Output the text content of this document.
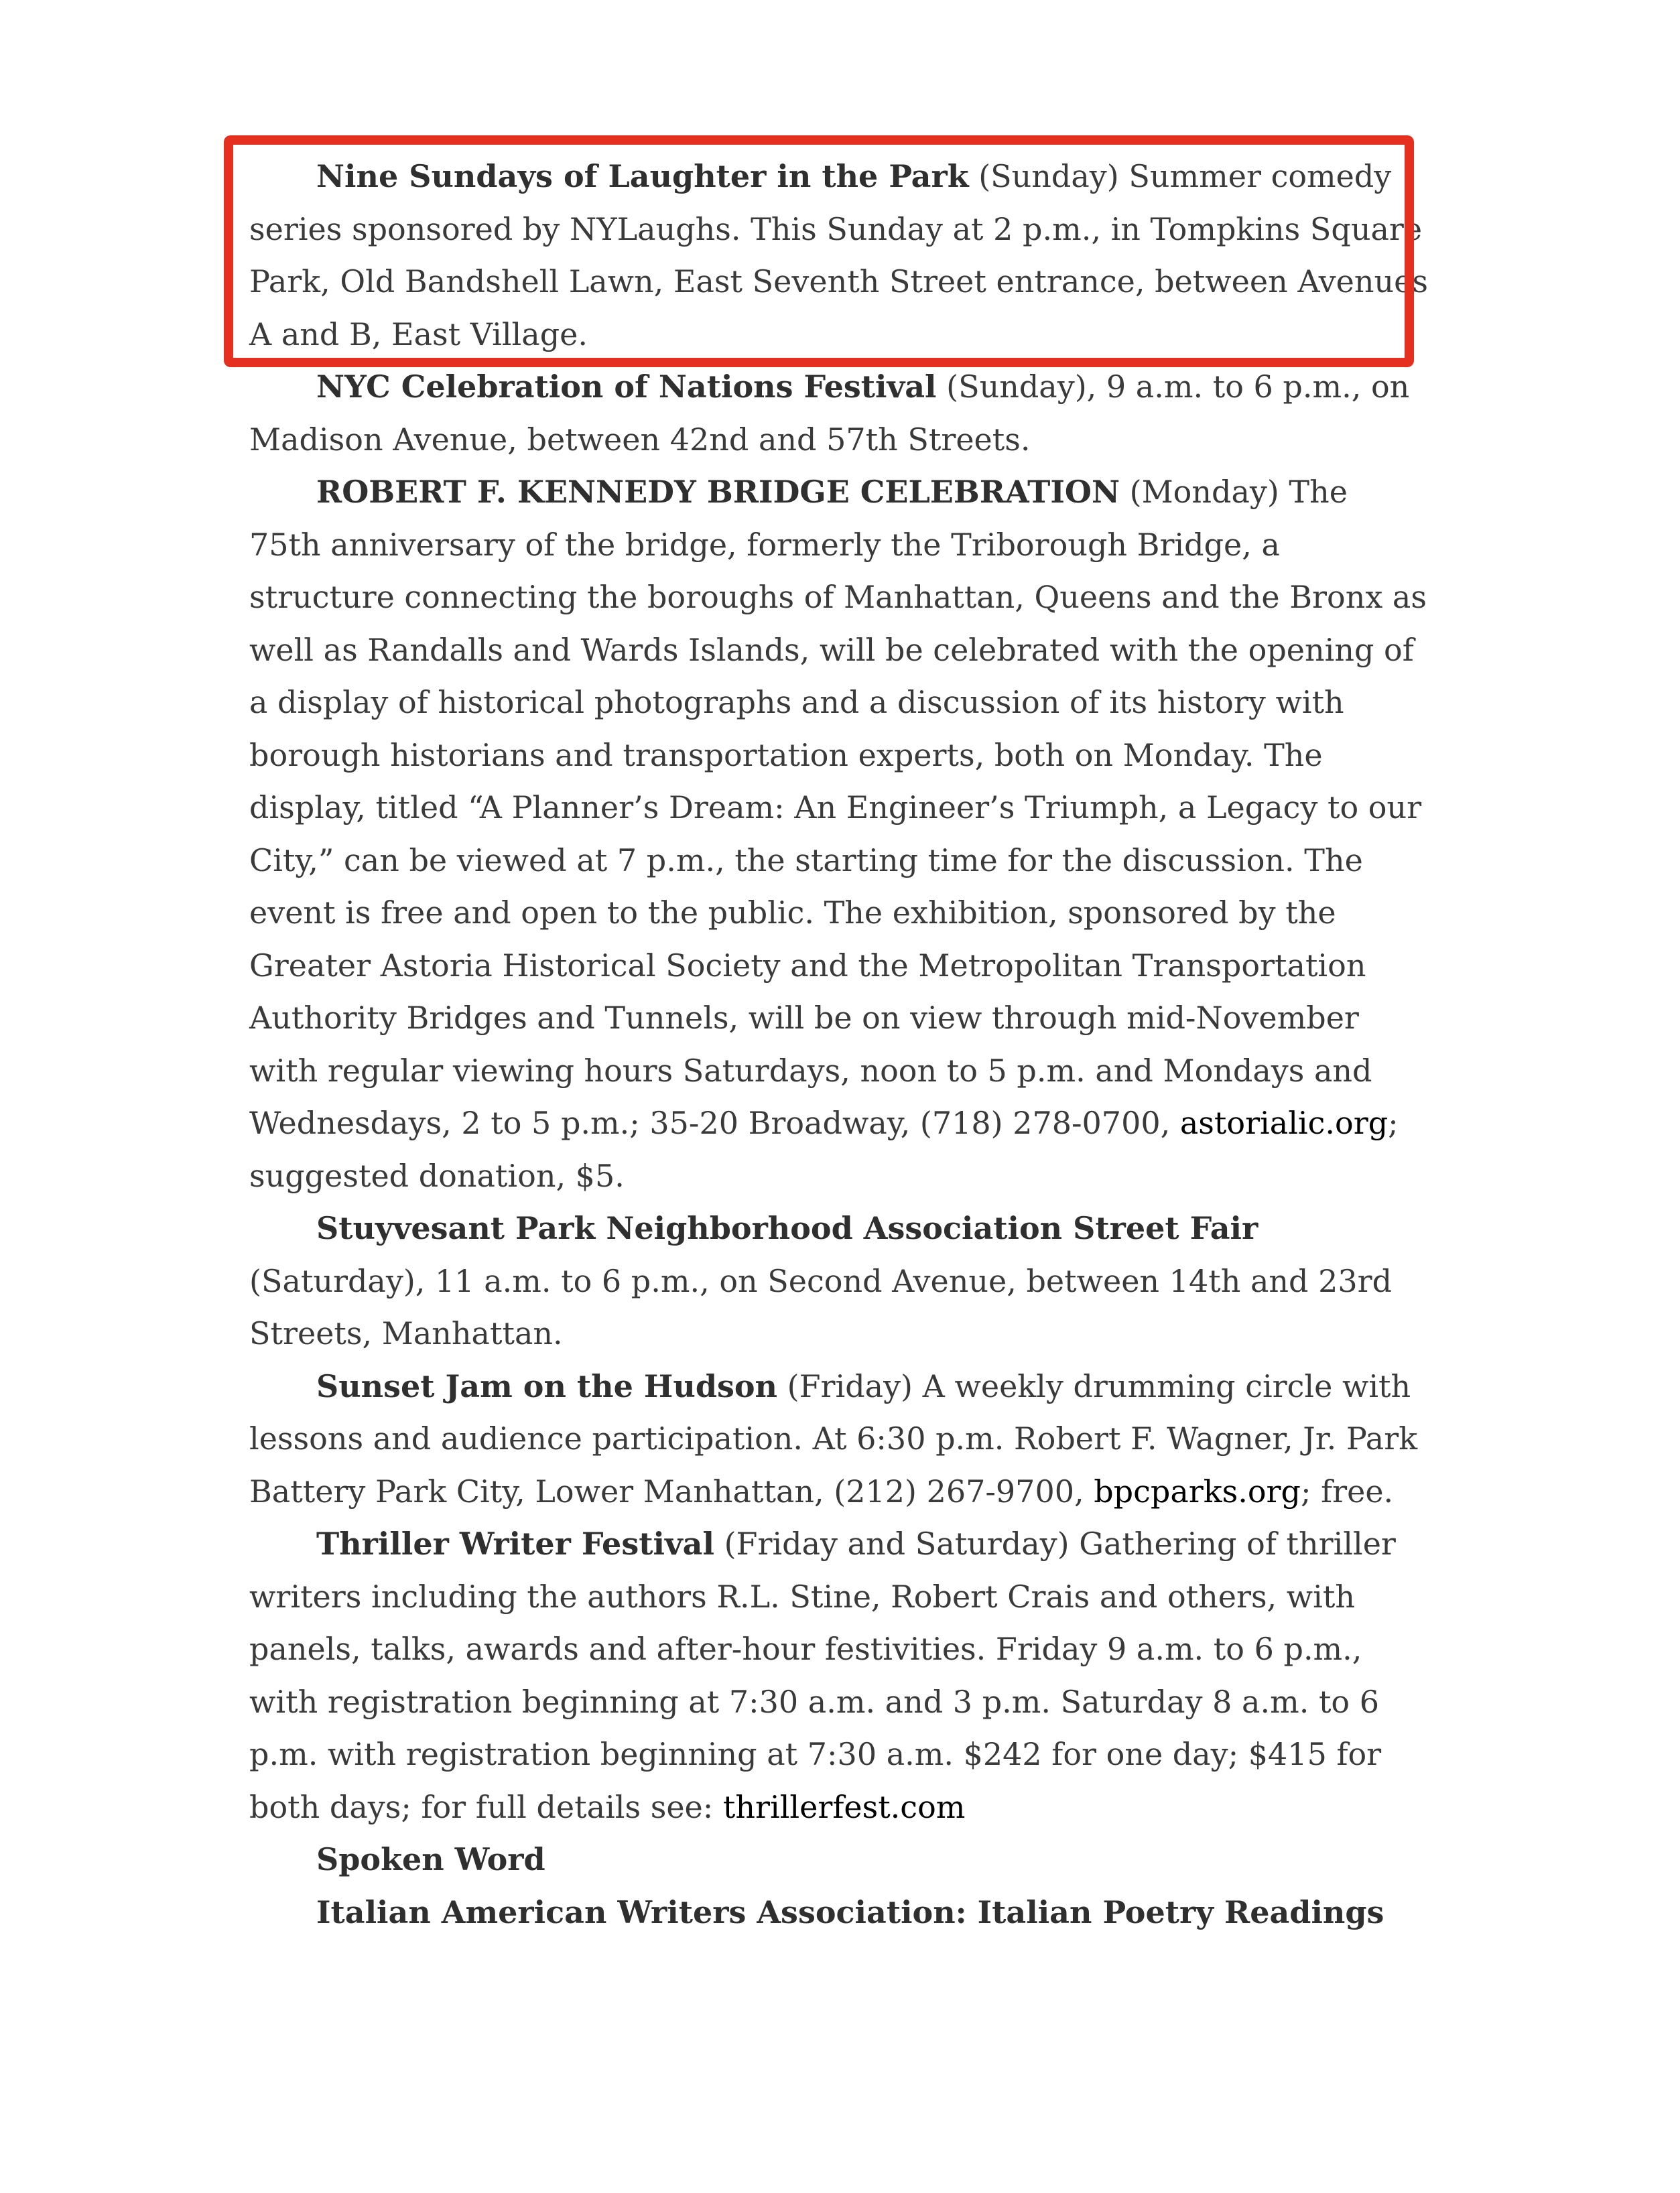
Nine Sundays of Laughter in the Park (Sunday) Summer comedy series sponsored by NYLaughs. This Sunday at 2 p.m., in Tompkins Square Park, Old Bandshell Lawn, East Seventh Street entrance, between Avenues A and B, East Village.

NYC Celebration of Nations Festival (Sunday), 9 a.m. to 6 p.m., on Madison Avenue, between 42nd and 57th Streets.

ROBERT F. KENNEDY BRIDGE CELEBRATION (Monday) The 75th anniversary of the bridge, formerly the Triborough Bridge, a structure connecting the boroughs of Manhattan, Queens and the Bronx as well as Randalls and Wards Islands, will be celebrated with the opening of a display of historical photographs and a discussion of its history with borough historians and transportation experts, both on Monday. The display, titled “A Planner’s Dream: An Engineer’s Triumph, a Legacy to our City,” can be viewed at 7 p.m., the starting time for the discussion. The event is free and open to the public. The exhibition, sponsored by the Greater Astoria Historical Society and the Metropolitan Transportation Authority Bridges and Tunnels, will be on view through mid-November with regular viewing hours Saturdays, noon to 5 p.m. and Mondays and Wednesdays, 2 to 5 p.m.; 35-20 Broadway, (718) 278-0700, astorialic.org; suggested donation, $5.

Stuyvesant Park Neighborhood Association Street Fair (Saturday), 11 a.m. to 6 p.m., on Second Avenue, between 14th and 23rd Streets, Manhattan.

Sunset Jam on the Hudson (Friday) A weekly drumming circle with lessons and audience participation. At 6:30 p.m. Robert F. Wagner, Jr. Park Battery Park City, Lower Manhattan, (212) 267-9700, bpcparks.org; free.

Thriller Writer Festival (Friday and Saturday) Gathering of thriller writers including the authors R.L. Stine, Robert Crais and others, with panels, talks, awards and after-hour festivities. Friday 9 a.m. to 6 p.m., with registration beginning at 7:30 a.m. and 3 p.m. Saturday 8 a.m. to 6 p.m. with registration beginning at 7:30 a.m. $242 for one day; $415 for both days; for full details see: thrillerfest.com

Spoken Word

Italian American Writers Association: Italian Poetry Readings
